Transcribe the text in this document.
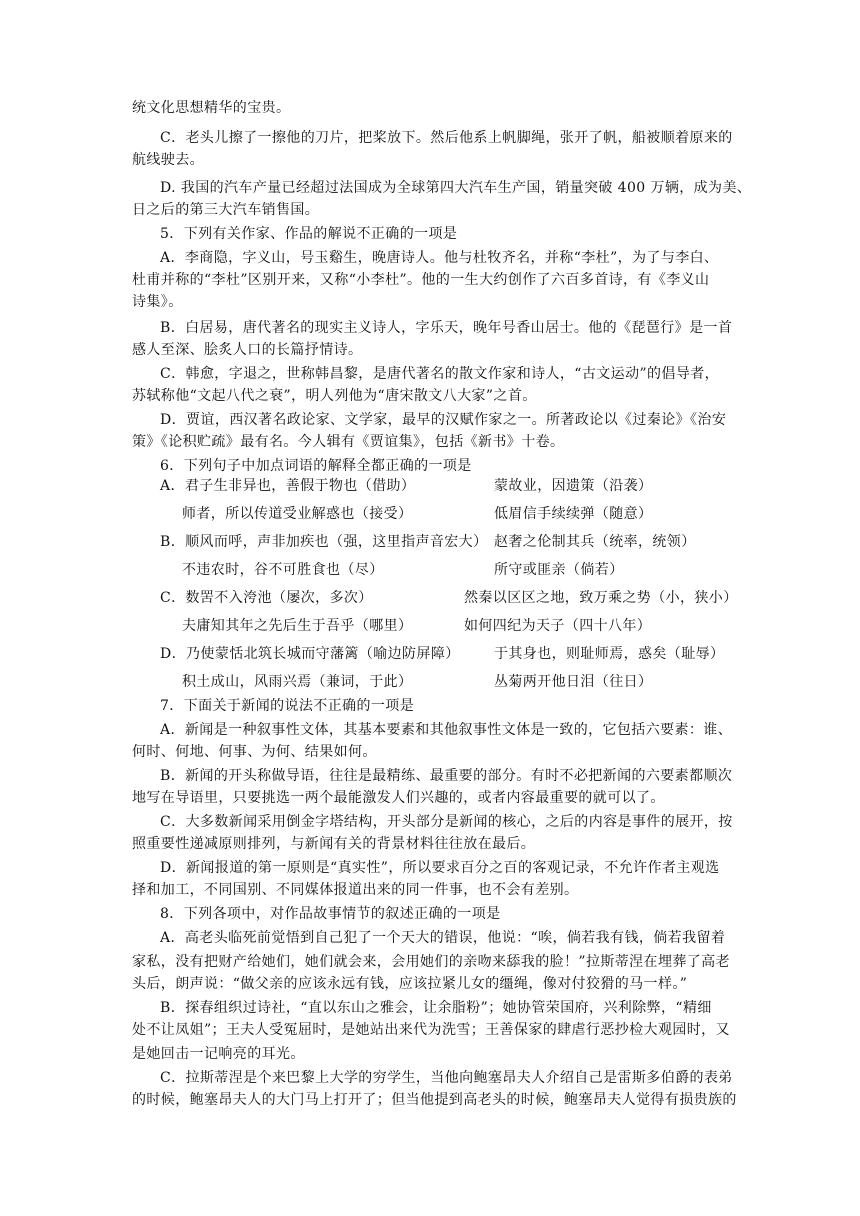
统文化思想精华的宝贵。
C．老头儿擦了一擦他的刀片，把桨放下。然后他系上帆脚绳，张开了帆，船被顺着原来的
航线驶去。
D. 我国的汽车产量已经超过法国成为全球第四大汽车生产国，销量突破 400 万辆，成为美、
日之后的第三大汽车销售国。
5．下列有关作家、作品的解说不正确的一项是
A．李商隐，字义山，号玉谿生，晚唐诗人。他与杜牧齐名，并称“李杜”，为了与李白、
杜甫并称的“李杜”区别开来，又称“小李杜”。他的一生大约创作了六百多首诗，有《李义山
诗集》。
B．白居易，唐代著名的现实主义诗人，字乐天，晚年号香山居士。他的《琵琶行》是一首
感人至深、脍炙人口的长篇抒情诗。
C．韩愈，字退之，世称韩昌黎，是唐代著名的散文作家和诗人，“古文运动”的倡导者，
苏轼称他“文起八代之衰”，明人列他为“唐宋散文八大家”之首。
D．贾谊，西汉著名政论家、文学家，最早的汉赋作家之一。所著政论以《过秦论》《治安
策》《论积贮疏》最有名。今人辑有《贾谊集》，包括《新书》十卷。
6．下列句子中加点词语的解释全都正确的一项是
A．君子生非异也，善假于物也（借助）	蒙故业，因遗策（沿袭）
师者，所以传道受业解惑也（接受）	低眉信手续续弹（随意）
B．顺风而呼，声非加疾也（强，这里指声音宏大） 赵奢之伦制其兵（统率，统领）
不违农时，谷不可胜食也（尽）	所守或匪亲（倘若）
C．数罟不入洿池（屡次，多次）	然秦以区区之地，致万乘之势（小，狭小）
夫庸知其年之先后生于吾乎（哪里）	如何四纪为天子（四十八年）
D．乃使蒙恬北筑长城而守藩篱（喻边防屏障）	于其身也，则耻师焉，惑矣（耻辱）
积土成山，风雨兴焉（兼词，于此）	丛菊两开他日泪（往日）
7．下面关于新闻的说法不正确的一项是
A．新闻是一种叙事性文体，其基本要素和其他叙事性文体是一致的，它包括六要素：谁、
何时、何地、何事、为何、结果如何。
B．新闻的开头称做导语，往往是最精练、最重要的部分。有时不必把新闻的六要素都顺次
地写在导语里，只要挑选一两个最能激发人们兴趣的，或者内容最重要的就可以了。
C．大多数新闻采用倒金字塔结构，开头部分是新闻的核心，之后的内容是事件的展开，按
照重要性递减原则排列，与新闻有关的背景材料往往放在最后。
D．新闻报道的第一原则是“真实性”，所以要求百分之百的客观记录，不允许作者主观选
择和加工，不同国别、不同媒体报道出来的同一件事，也不会有差别。
8．下列各项中，对作品故事情节的叙述正确的一项是
A．高老头临死前觉悟到自己犯了一个天大的错误，他说：“唉，倘若我有钱，倘若我留着
家私，没有把财产给她们，她们就会来，会用她们的亲吻来舔我的脸！”拉斯蒂涅在埋葬了高老
头后，朗声说：“做父亲的应该永远有钱，应该拉紧儿女的缰绳，像对付狡猾的马一样。”
B．探春组织过诗社，“直以东山之雅会，让余脂粉”；她协管荣国府，兴利除弊，“精细
处不让凤姐”；王夫人受冤屈时，是她站出来代为洗雪；王善保家的肆虐行恶抄检大观园时，又
是她回击一记响亮的耳光。
C．拉斯蒂涅是个来巴黎上大学的穷学生，当他向鲍塞昂夫人介绍自己是雷斯多伯爵的表弟
的时候，鲍塞昂夫人的大门马上打开了；但当他提到高老头的时候，鲍塞昂夫人觉得有损贵族的
